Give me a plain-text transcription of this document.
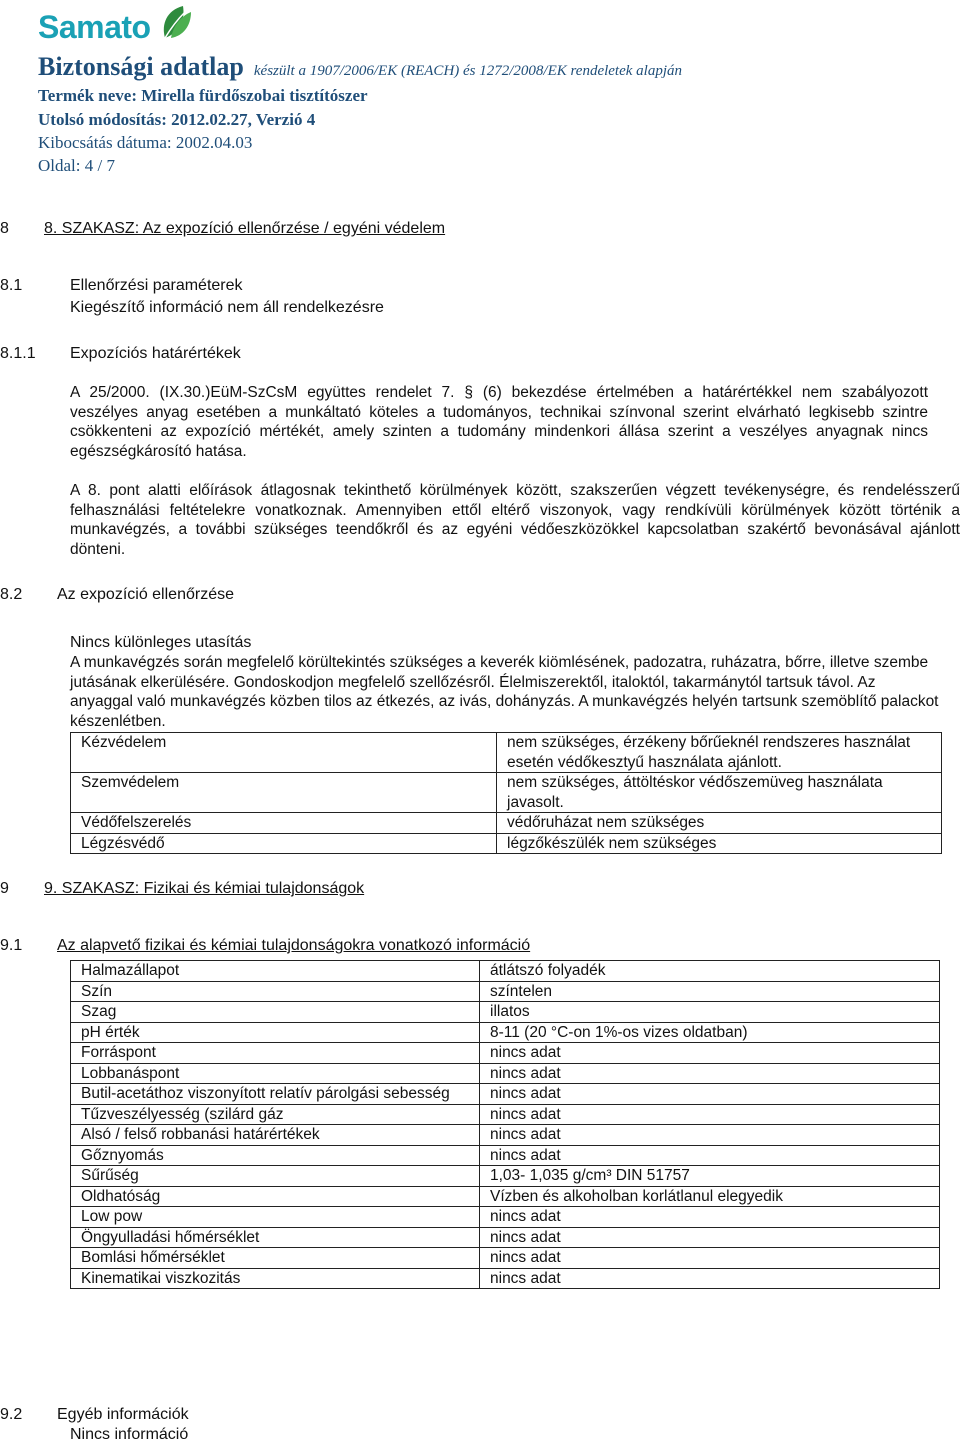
Samato
Biztonsági adatlap készült a 1907/2006/EK (REACH) és 1272/2008/EK rendeletek alapján
Termék neve: Mirella fürdőszobai tisztítószer
Utolsó módosítás: 2012.02.27, Verzió 4
Kibocsátás dátuma: 2002.04.03
Oldal: 4 / 7
8 8. SZAKASZ: Az expozíció ellenőrzése / egyéni védelem
8.1	Ellenőrzési paraméterek
Kiegészítő információ nem áll rendelkezésre
8.1.1 Expozíciós határértékek
A 25/2000. (IX.30.)EüM-SzCsM együttes rendelet 7. § (6) bekezdése értelmében a határértékkel nem szabályozott veszélyes anyag esetében a munkáltató köteles a tudományos, technikai színvonal szerint elvárható legkisebb szintre csökkenteni az expozíció mértékét, amely szinten a tudomány mindenkori állása szerint a veszélyes anyagnak nincs egészségkárosító hatása.
A 8. pont alatti előírások átlagosnak tekinthető körülmények között, szakszerűen végzett tevékenységre, és rendelésszerű felhasználási feltételekre vonatkoznak. Amennyiben ettől eltérő viszonyok, vagy rendkívüli körülmények között történik a munkavégzés, a további szükséges teendőkről és az egyéni védőeszközökkel kapcsolatban szakértő bevonásával ajánlott dönteni.
8.2 Az expozíció ellenőrzése
Nincs különleges utasítás
A munkavégzés során megfelelő körültekintés szükséges a keverék kiömlésének, padozatra, ruházatra, bőrre, illetve szembe jutásának elkerülésére. Gondoskodjon megfelelő szellőzésről. Élelmiszerektől, italoktól, takarmánytól tartsuk távol. Az anyaggal való munkavégzés közben tilos az étkezés, az ivás, dohányzás. A munkavégzés helyén tartsunk szemöblítő palackot készenlétben.
Kézvédelem	nem szükséges, érzékeny bőrűeknél rendszeres használat esetén védőkesztyű használata ajánlott.
Szemvédelem	nem szükséges, áttöltéskor védőszemüveg használata javasolt.
Védőfelszerelés	védőruházat nem szükséges
Légzésvédő	légzőkészülék nem szükséges
9 9. SZAKASZ: Fizikai és kémiai tulajdonságok
9.1 Az alapvető fizikai és kémiai tulajdonságokra vonatkozó információ
Halmazállapot	átlátszó folyadék
Szín	színtelen
Szag	illatos
pH érték	8-11 (20 °C-on 1%-os vizes oldatban)
Forráspont	nincs adat
Lobbanáspont	nincs adat
Butil-acetáthoz viszonyított relatív párolgási sebesség	nincs adat
Tűzveszélyesség (szilárd gáz	nincs adat
Alsó / felső robbanási határértékek	nincs adat
Gőznyomás	nincs adat
Sűrűség	1,03- 1,035 g/cm³ DIN 51757
Oldhatóság	Vízben és alkoholban korlátlanul elegyedik
Low pow	nincs adat
Öngyulladási hőmérséklet	nincs adat
Bomlási hőmérséklet	nincs adat
Kinematikai viszkozitás	nincs adat
9.2 Egyéb információk
Nincs információ
